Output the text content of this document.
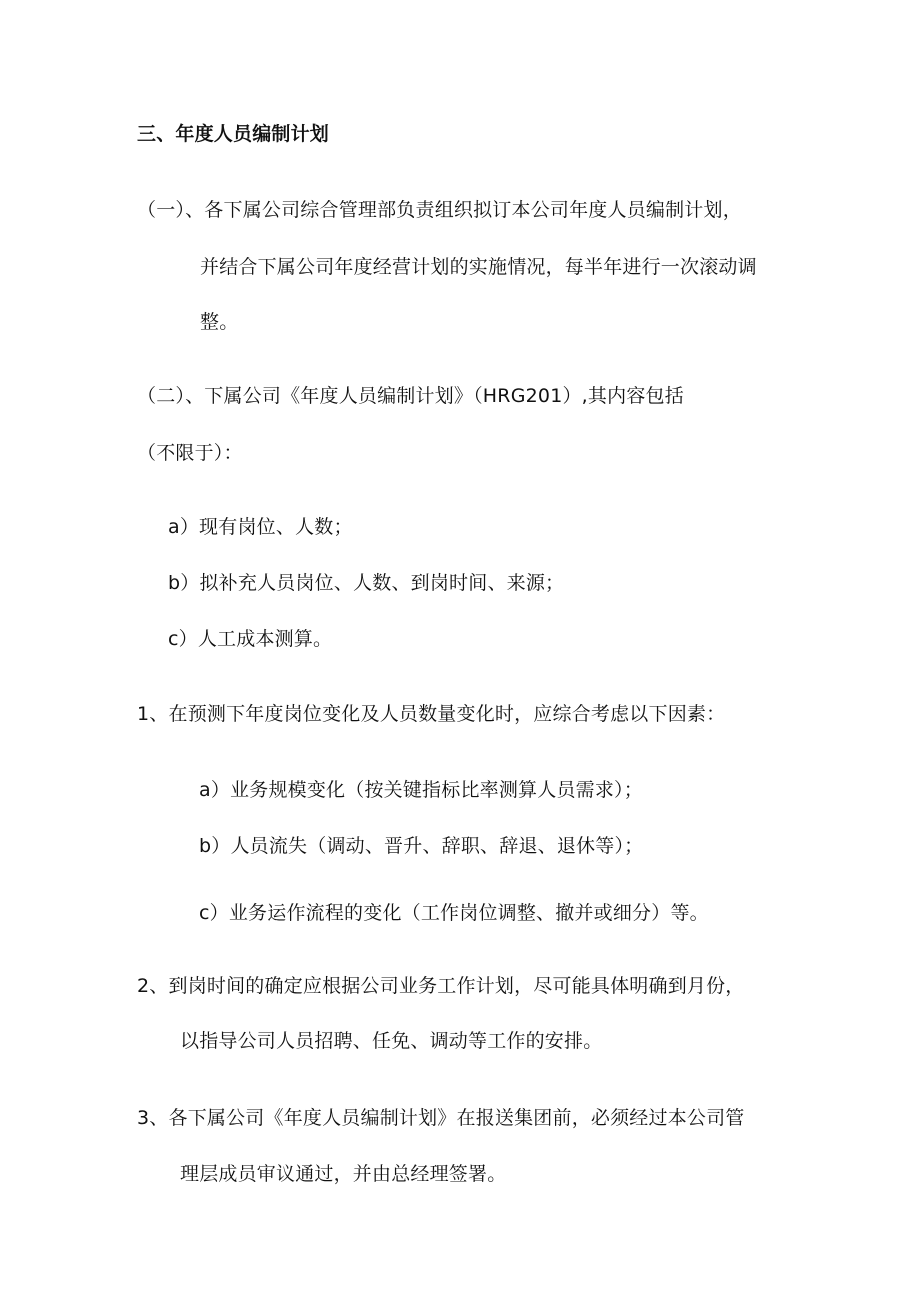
三、年度人员编制计划
（一）、各下属公司综合管理部负责组织拟订本公司年度人员编制计划，
并结合下属公司年度经营计划的实施情况，每半年进行一次滚动调
整。
（二）、下属公司《年度人员编制计划》（HRG201）,其内容包括
（不限于）：
a）现有岗位、人数；
b）拟补充人员岗位、人数、到岗时间、来源；
c）人工成本测算。
1、在预测下年度岗位变化及人员数量变化时，应综合考虑以下因素：
a）业务规模变化（按关键指标比率测算人员需求）；
b）人员流失（调动、晋升、辞职、辞退、退休等）；
c）业务运作流程的变化（工作岗位调整、撤并或细分）等。
2、到岗时间的确定应根据公司业务工作计划，尽可能具体明确到月份，
以指导公司人员招聘、任免、调动等工作的安排。
3、各下属公司《年度人员编制计划》在报送集团前，必须经过本公司管
理层成员审议通过，并由总经理签署。
